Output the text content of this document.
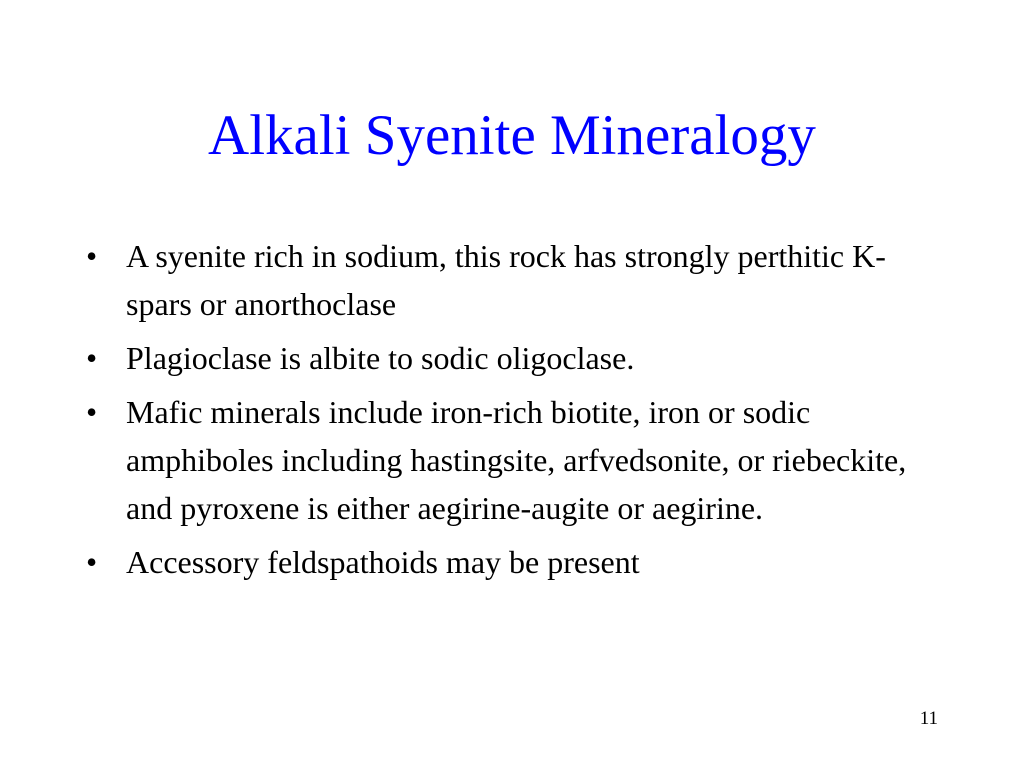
Alkali Syenite Mineralogy
• A syenite rich in sodium, this rock has strongly perthitic K-spars or anorthoclase
• Plagioclase is albite to sodic oligoclase.
• Mafic minerals include iron-rich biotite, iron or sodic amphiboles including hastingsite, arfvedsonite, or riebeckite, and pyroxene is either aegirine-augite or aegirine.
• Accessory feldspathoids may be present
11
